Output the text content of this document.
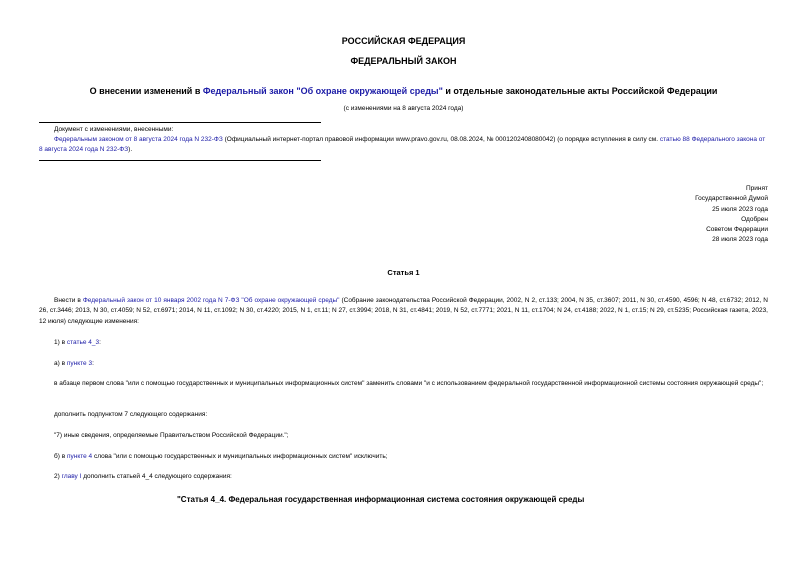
РОССИЙСКАЯ ФЕДЕРАЦИЯ
ФЕДЕРАЛЬНЫЙ ЗАКОН
О внесении изменений в Федеральный закон "Об охране окружающей среды" и отдельные законодательные акты Российской Федерации
(с изменениями на 8 августа 2024 года)
Документ с изменениями, внесенными:
Федеральным законом от 8 августа 2024 года N 232-ФЗ (Официальный интернет-портал правовой информации www.pravo.gov.ru, 08.08.2024, № 0001202408080042) (о порядке вступления в силу см. статью 88 Федерального закона от 8 августа 2024 года N 232-ФЗ).
Принят
Государственной Думой
25 июля 2023 года
Одобрен
Советом Федерации
28 июля 2023 года
Статья 1
Внести в Федеральный закон от 10 января 2002 года N 7-ФЗ "Об охране окружающей среды" (Собрание законодательства Российской Федерации, 2002, N 2, ст.133; 2004, N 35, ст.3607; 2011, N 30, ст.4590, 4596; N 48, ст.6732; 2012, N 26, ст.3446; 2013, N 30, ст.4059; N 52, ст.6971; 2014, N 11, ст.1092; N 30, ст.4220; 2015, N 1, ст.11; N 27, ст.3994; 2018, N 31, ст.4841; 2019, N 52, ст.7771; 2021, N 11, ст.1704; N 24, ст.4188; 2022, N 1, ст.15; N 29, ст.5235; Российская газета, 2023, 12 июля) следующие изменения:
1) в статье 4_3:
а) в пункте 3:
в абзаце первом слова "или с помощью государственных и муниципальных информационных систем" заменить словами "и с использованием федеральной государственной информационной системы состояния окружающей среды";
дополнить подпунктом 7 следующего содержания:
"7) иные сведения, определяемые Правительством Российской Федерации.";
б) в пункте 4 слова "или с помощью государственных и муниципальных информационных систем" исключить;
2) главу I дополнить статьей 4_4 следующего содержания:
"Статья 4_4. Федеральная государственная информационная система состояния окружающей среды
